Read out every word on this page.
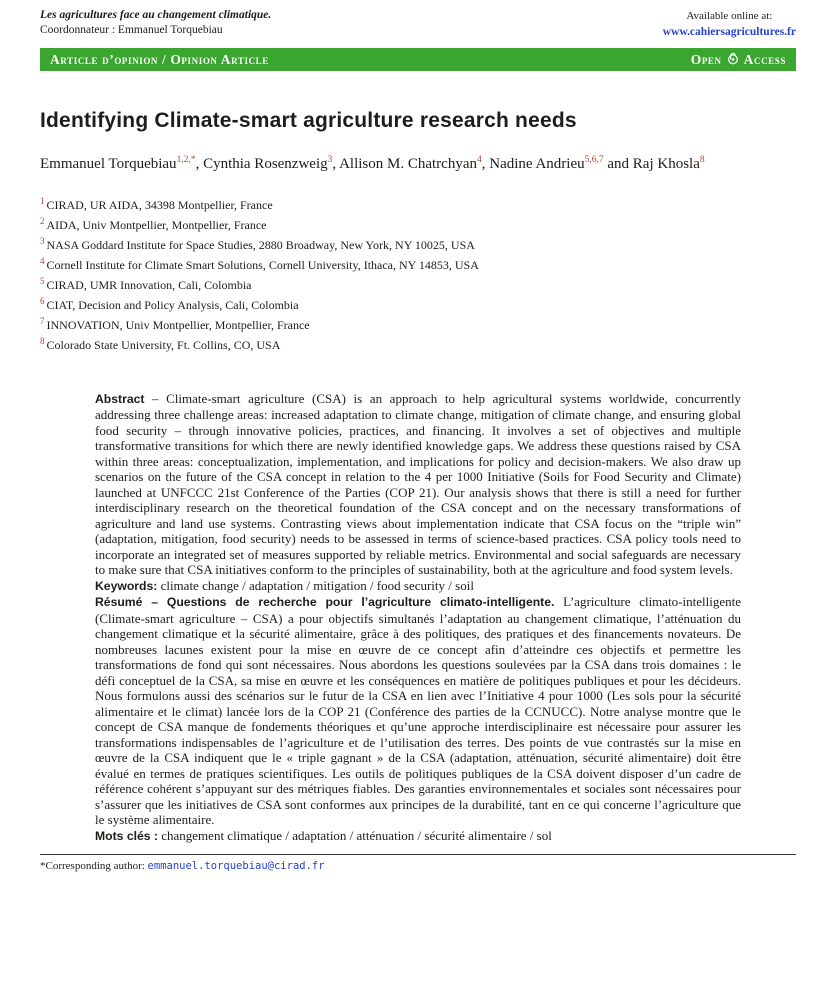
Les agricultures face au changement climatique.
Coordonnateur : Emmanuel Torquebiau
Available online at:
www.cahiersagricultures.fr
Article d’opinion / Opinion Article	Open Access
Identifying Climate-smart agriculture research needs
Emmanuel Torquebiau$^{1,2,*}$, Cynthia Rosenzweig$^3$, Allison M. Chatrchyan$^4$, Nadine Andrieu$^{5,6,7}$ and Raj Khosla$^8$
$^1$ CIRAD, UR AIDA, 34398 Montpellier, France
$^2$ AIDA, Univ Montpellier, Montpellier, France
$^3$ NASA Goddard Institute for Space Studies, 2880 Broadway, New York, NY 10025, USA
$^4$ Cornell Institute for Climate Smart Solutions, Cornell University, Ithaca, NY 14853, USA
$^5$ CIRAD, UMR Innovation, Cali, Colombia
$^6$ CIAT, Decision and Policy Analysis, Cali, Colombia
$^7$ INNOVATION, Univ Montpellier, Montpellier, France
$^8$ Colorado State University, Ft. Collins, CO, USA

Abstract – Climate-smart agriculture (CSA) is an approach to help agricultural systems worldwide, concurrently addressing three challenge areas: increased adaptation to climate change, mitigation of climate change, and ensuring global food security – through innovative policies, practices, and financing. It involves a set of objectives and multiple transformative transitions for which there are newly identified knowledge gaps. We address these questions raised by CSA within three areas: conceptualization, implementation, and implications for policy and decision-makers. We also draw up scenarios on the future of the CSA concept in relation to the 4 per 1000 Initiative (Soils for Food Security and Climate) launched at UNFCCC 21st Conference of the Parties (COP 21). Our analysis shows that there is still a need for further interdisciplinary research on the theoretical foundation of the CSA concept and on the necessary transformations of agriculture and land use systems. Contrasting views about implementation indicate that CSA focus on the “triple win” (adaptation, mitigation, food security) needs to be assessed in terms of science-based practices. CSA policy tools need to incorporate an integrated set of measures supported by reliable metrics. Environmental and social safeguards are necessary to make sure that CSA initiatives conform to the principles of sustainability, both at the agriculture and food system levels.

Keywords: climate change / adaptation / mitigation / food security / soil

Résumé – Questions de recherche pour l’agriculture climato-intelligente. L’agriculture climato-intelligente (Climate-smart agriculture – CSA) a pour objectifs simultanés l’adaptation au changement climatique, l’atténuation du changement climatique et la sécurité alimentaire, grâce à des politiques, des pratiques et des financements novateurs. De nombreuses lacunes existent pour la mise en œuvre de ce concept afin d’atteindre ces objectifs et permettre les transformations de fond qui sont nécessaires. Nous abordons les questions soulevées par la CSA dans trois domaines : le défi conceptuel de la CSA, sa mise en œuvre et les conséquences en matière de politiques publiques et pour les décideurs. Nous formulons aussi des scénarios sur le futur de la CSA en lien avec l’Initiative 4 pour 1000 (Les sols pour la sécurité alimentaire et le climat) lancée lors de la COP 21 (Conférence des parties de la CCNUCC). Notre analyse montre que le concept de CSA manque de fondements théoriques et qu’une approche interdisciplinaire est nécessaire pour assurer les transformations indispensables de l’agriculture et de l’utilisation des terres. Des points de vue contrastés sur la mise en œuvre de la CSA indiquent que le « triple gagnant » de la CSA (adaptation, atténuation, sécurité alimentaire) doit être évalué en termes de pratiques scientifiques. Les outils de politiques publiques de la CSA doivent disposer d’un cadre de référence cohérent s’appuyant sur des métriques fiables. Des garanties environnementales et sociales sont nécessaires pour s’assurer que les initiatives de CSA sont conformes aux principes de la durabilité, tant en ce qui concerne l’agriculture que le système alimentaire.

Mots clés : changement climatique / adaptation / atténuation / sécurité alimentaire / sol

*Corresponding author: emmanuel.torquebiau@cirad.fr
